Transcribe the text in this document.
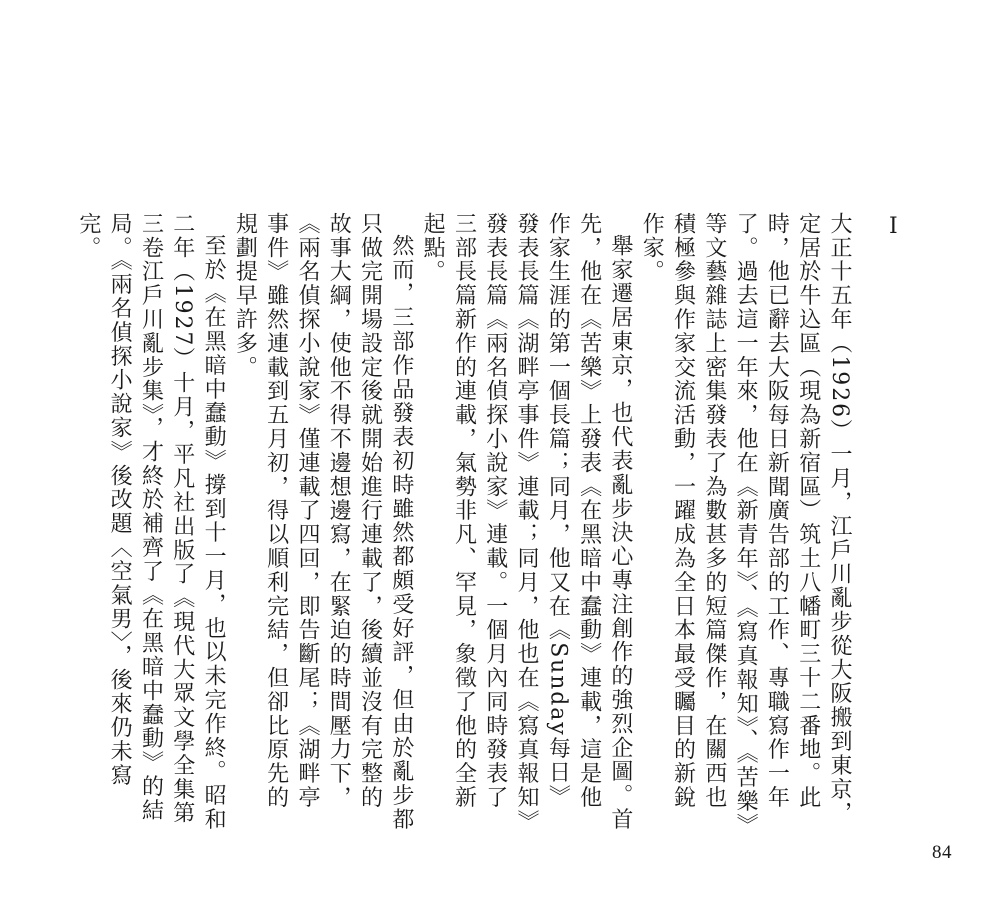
I

大正十五年（1926）一月，江戶川亂步從大阪搬到東京，定居於牛込區（現為新宿區）筑土八幡町三十二番地。此時，他已辭去大阪每日新聞廣告部的工作、專職寫作一年了。過去這一年來，他在《新青年》、《寫真報知》、《苦樂》等文藝雜誌上密集發表了為數甚多的短篇傑作，在關西也積極參與作家交流活動，一躍成為全日本最受矚目的新銳作家。

舉家遷居東京，也代表亂步決心專注創作的強烈企圖。首先，他在《苦樂》上發表《在黑暗中蠢動》連載，這是他作家生涯的第一個長篇；同月，他又在《Sunday每日》發表長篇《湖畔亭事件》連載；同月，他也在《寫真報知》發表長篇《兩名偵探小說家》連載。一個月內同時發表了三部長篇新作的連載，氣勢非凡、罕見，象徵了他的全新起點。

然而，三部作品發表初時雖然都頗受好評，但由於亂步都只做完開場設定後就開始進行連載了，後續並沒有完整的故事大綱，使他不得不邊想邊寫，在緊迫的時間壓力下，《兩名偵探小說家》僅連載了四回，即告斷尾；《湖畔亭事件》雖然連載到五月初，得以順利完結，但卻比原先的規劃提早許多。

至於《在黑暗中蠢動》撐到十一月，也以未完作終。昭和二年（1927）十月，平凡社出版了《現代大眾文學全集第三卷江戶川亂步集》，才終於補齊了《在黑暗中蠢動》的結局。《兩名偵探小說家》後改題〈空氣男〉，後來仍未寫完。

84
